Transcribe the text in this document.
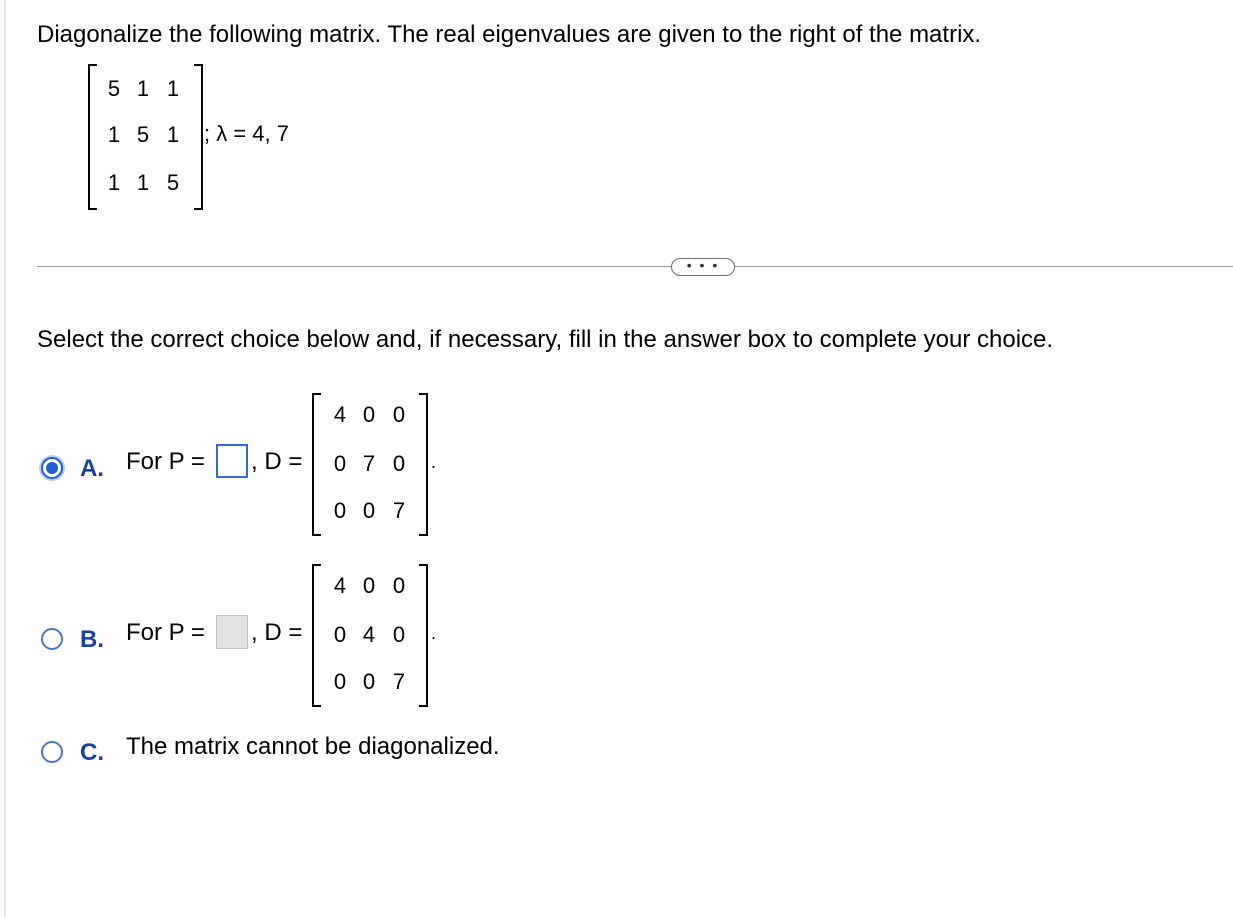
Diagonalize the following matrix. The real eigenvalues are given to the right of the matrix.
5 1 1
1 5 1
1 1 5
; λ = 4, 7
• • •
Select the correct choice below and, if necessary, fill in the answer box to complete your choice.
A. For P = , D =
4 0 0
0 7 0
0 0 7
.
B. For P = , D =
4 0 0
0 4 0
0 0 7
.
C. The matrix cannot be diagonalized.
